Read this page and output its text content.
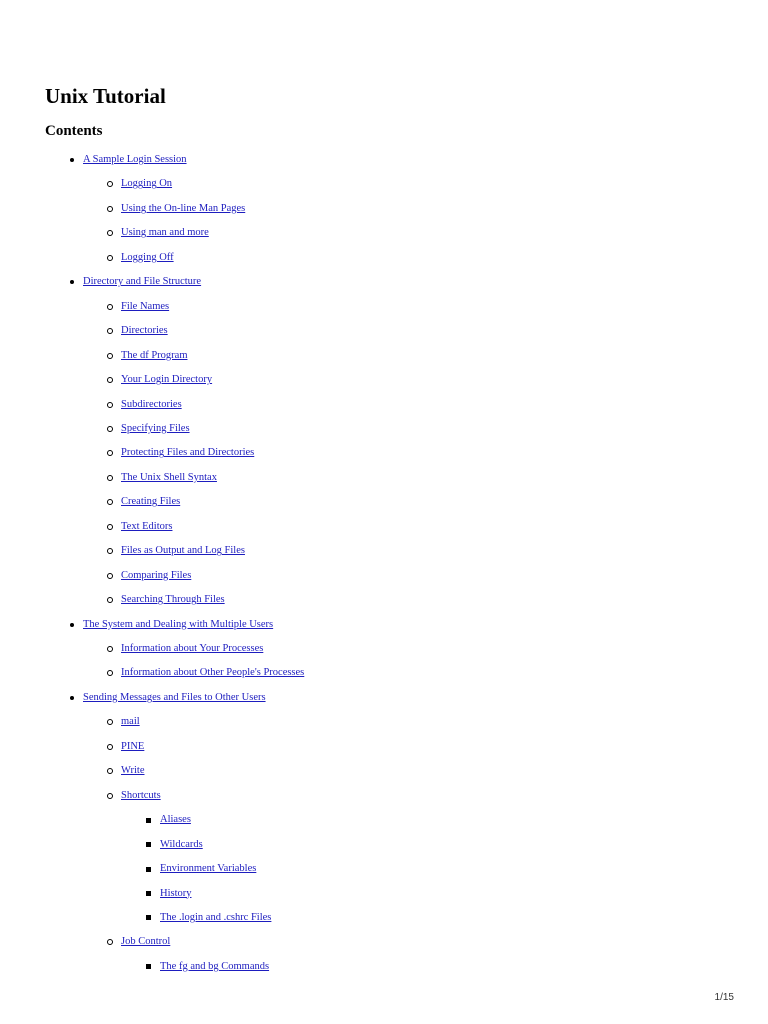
Unix Tutorial
Contents
A Sample Login Session
Logging On
Using the On-line Man Pages
Using man and more
Logging Off
Directory and File Structure
File Names
Directories
The df Program
Your Login Directory
Subdirectories
Specifying Files
Protecting Files and Directories
The Unix Shell Syntax
Creating Files
Text Editors
Files as Output and Log Files
Comparing Files
Searching Through Files
The System and Dealing with Multiple Users
Information about Your Processes
Information about Other People's Processes
Sending Messages and Files to Other Users
mail
PINE
Write
Shortcuts
Aliases
Wildcards
Environment Variables
History
The .login and .cshrc Files
Job Control
The fg and bg Commands
1/15
